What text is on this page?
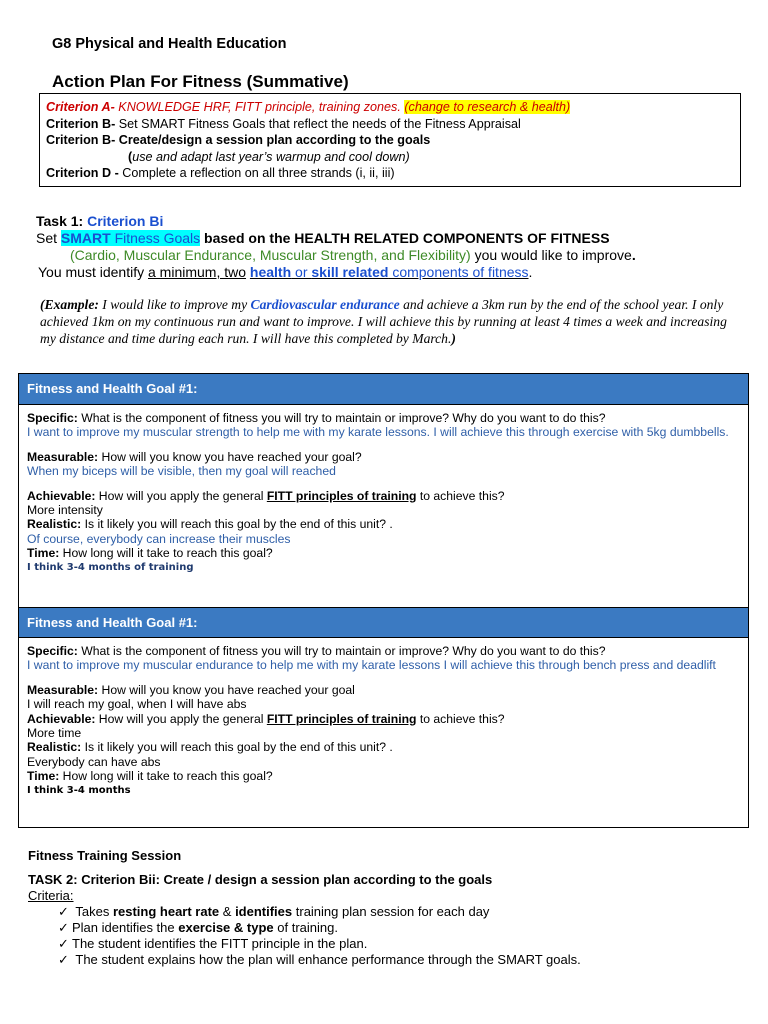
G8 Physical and Health Education
Action Plan For Fitness (Summative)
Criterion A- KNOWLEDGE HRF, FITT principle, training zones. (change to research & health)
Criterion B- Set SMART Fitness Goals that reflect the needs of the Fitness Appraisal
Criterion B- Create/design a session plan according to the goals
(use and adapt last year’s warmup and cool down)
Criterion D - Complete a reflection on all three strands (i, ii, iii)
Task 1: Criterion Bi
Set SMART Fitness Goals based on the HEALTH RELATED COMPONENTS OF FITNESS
(Cardio, Muscular Endurance, Muscular Strength, and Flexibility) you would like to improve.
You must identify a minimum, two health or skill related components of fitness.
(Example: I would like to improve my Cardiovascular endurance and achieve a 3km run by the end of the school year. I only achieved 1km on my continuous run and want to improve. I will achieve this by running at least 4 times a week and increasing my distance and time during each run. I will have this completed by March.)
Fitness and Health Goal #1:
Specific: What is the component of fitness you will try to maintain or improve? Why do you want to do this?
I want to improve my muscular strength to help me with my karate lessons. I will achieve this through exercise with 5kg dumbbells.
Measurable: How will you know you have reached your goal?
When my biceps will be visible, then my goal will reached
Achievable: How will you apply the general FITT principles of training to achieve this?
More intensity
Realistic: Is it likely you will reach this goal by the end of this unit? .
Of course, everybody can increase their muscles
Time: How long will it take to reach this goal?
I think 3-4 months of training
Fitness and Health Goal #1:
Specific: What is the component of fitness you will try to maintain or improve? Why do you want to do this?
I want to improve my muscular endurance to help me with my karate lessons I will achieve this through bench press and deadlift
Measurable: How will you know you have reached your goal
I will reach my goal, when I will have abs
Achievable: How will you apply the general FITT principles of training to achieve this?
More time
Realistic: Is it likely you will reach this goal by the end of this unit? .
Everybody can have abs
Time: How long will it take to reach this goal?
I think 3-4 months
Fitness Training Session
TASK 2: Criterion Bii: Create / design a session plan according to the goals
Criteria:
✓ Takes resting heart rate & identifies training plan session for each day
✓ Plan identifies the exercise & type of training.
✓ The student identifies the FITT principle in the plan.
✓ The student explains how the plan will enhance performance through the SMART goals.
